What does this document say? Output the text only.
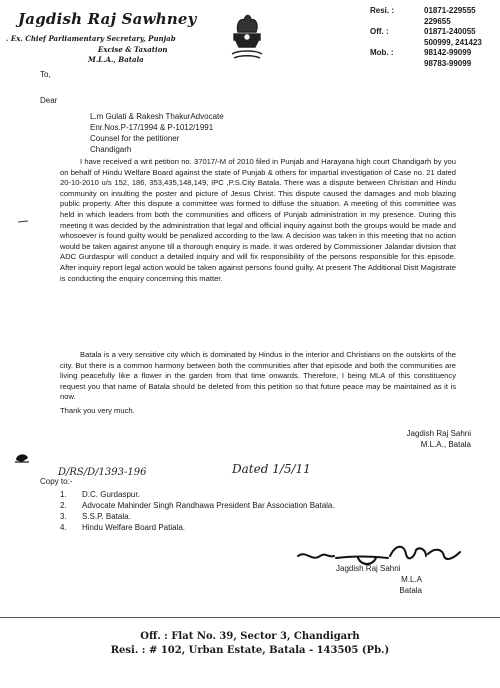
Jagdish Raj Sawhney
. Ex. Chief Parliamentary Secretary, Punjab
Excise & Taxation
M.L.A., Batala
Resi. :	01871-229555
229655
Off. :	01871-240055
500999, 241423
Mob. :	98142-99099
98783-99099
To,
Dear
L.m Gulati & Rakesh ThakurAdvocate
Enr.Nos.P-17/1994 & P-1012/1991
Counsel for the petitioner
Chandigarh
I have received a writ petition no. 37017/-M of 2010 filed in Punjab and Harayana high court Chandigarh by you on behalf of Hindu Welfare Board against the state of Punjab & others for impartial investigation of Case no. 21 dated 20-10-2010 u/s 152, 186, 353,435,148,149, IPC ,P.S.City Batala. There was a dispute between Christian and Hindu community on insulting the poster and picture of Jesus Christ. This dispute caused the damages and mob blazing public property. After this dispute a committee was formed to diffuse the situation. A meeting of this committee was held in which leaders from both the communities and officers of Punjab administration in my presence. During this meeting it was decided by the administration that legal and official inquiry against both the groups would be made and whosoever is found guilty would be penalized according to the law. A decision was taken in this meeting that no action would be taken against anyone till a thorough enquiry is made. it was ordered by Commissioner Jalandar division that ADC Gurdaspur will conduct a detailed inquiry and will fix responsibility of the persons responsible for this episode. After inquiry report legal action would be taken against persons found guilty. At present The Additional Distt Magistrate is conducting the enquiry concerning this matter.
Batala is a very sensitive city which is dominated by Hindus in the interior and Christians on the outskirts of the city. But there is a common harmony between both the communities after that episode and both the communities are living peacefully like a flower in the garden from that time onwards. Therefore, I being MLA of this constituency request you that name of Batala should be deleted from this petition so that future peace may be maintained as it is now.
Thank you very much.
Jagdish Raj Sahni
M.L.A., Batala
D/RS/D/1393-196	Dated 1/5/11
Copy to:-
1.	D.C. Gurdaspur.
2.	Advocate Mahinder Singh Randhawa President Bar Association Batala.
3.	S.S.P. Batala.
4.	Hindu Welfare Board Patiala.
Jagdish Raj Sahni
M.L.A
Batala
Off. : Flat No. 39, Sector 3, Chandigarh
Resi. : # 102, Urban Estate, Batala - 143505 (Pb.)
